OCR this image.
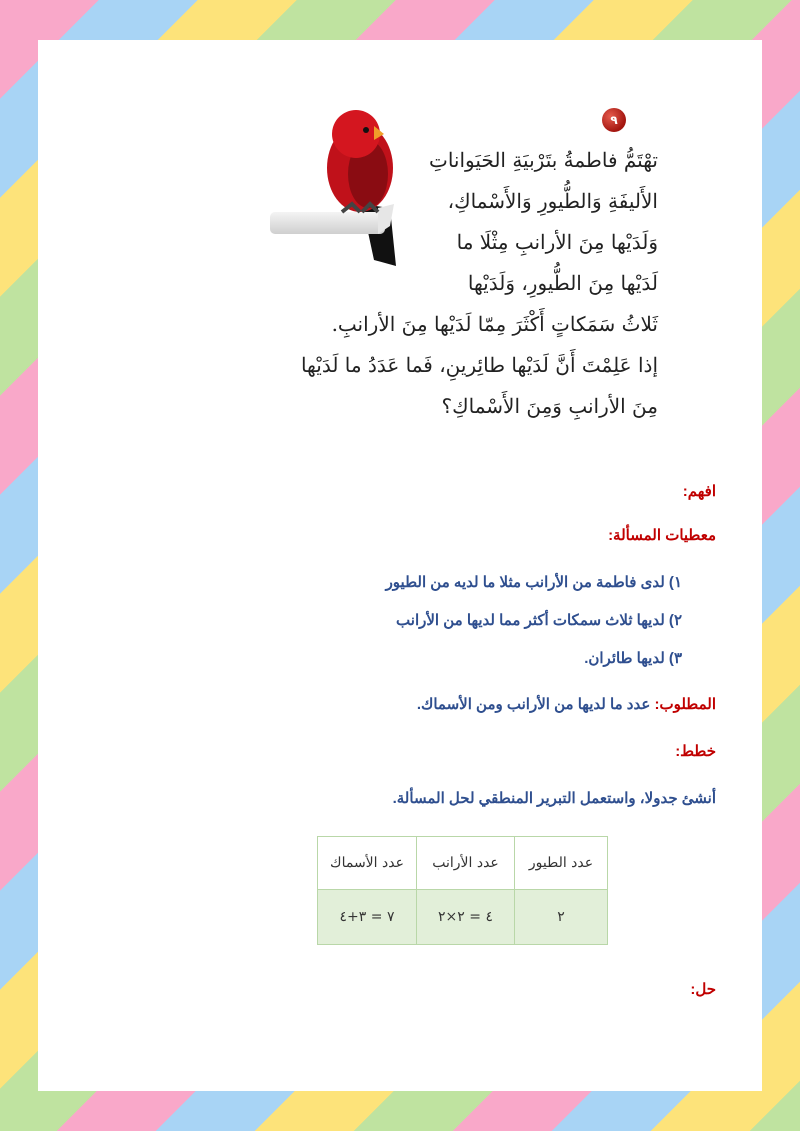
٩
تهْتَمُّ فاطمةُ بتَرْبيَةِ الحَيَواناتِ
الأَليفَةِ وَالطُّيورِ وَالأَسْماكِ،
وَلَدَيْها مِنَ الأرانبِ مِثْلَا ما
لَدَيْها مِنَ الطُّيورِ، وَلَدَيْها
ثَلاثُ سَمَكاتٍ أَكْثَرَ مِمّا لَدَيْها مِنَ الأرانبِ.
إذا عَلِمْتَ أَنَّ لَدَيْها طائِرينِ، فَما عَدَدُ ما لَدَيْها
مِنَ الأرانبِ وَمِنَ الأَسْماكِ؟
افهم:
معطيات المسألة:
١) لدى فاطمة من الأرانب مثلا ما لديه من الطيور
٢) لديها ثلاث سمكات أكثر مما لديها من الأرانب
٣) لديها طائران.
المطلوب: عدد ما لديها من الأرانب ومن الأسماك.
خطط:
أنشئ جدولا، واستعمل التبرير المنطقي لحل المسألة.
عدد الطيور	عدد الأرانب	عدد الأسماك
٢	٤ = ٢×٢	٧ = ٣+٤
حل:
